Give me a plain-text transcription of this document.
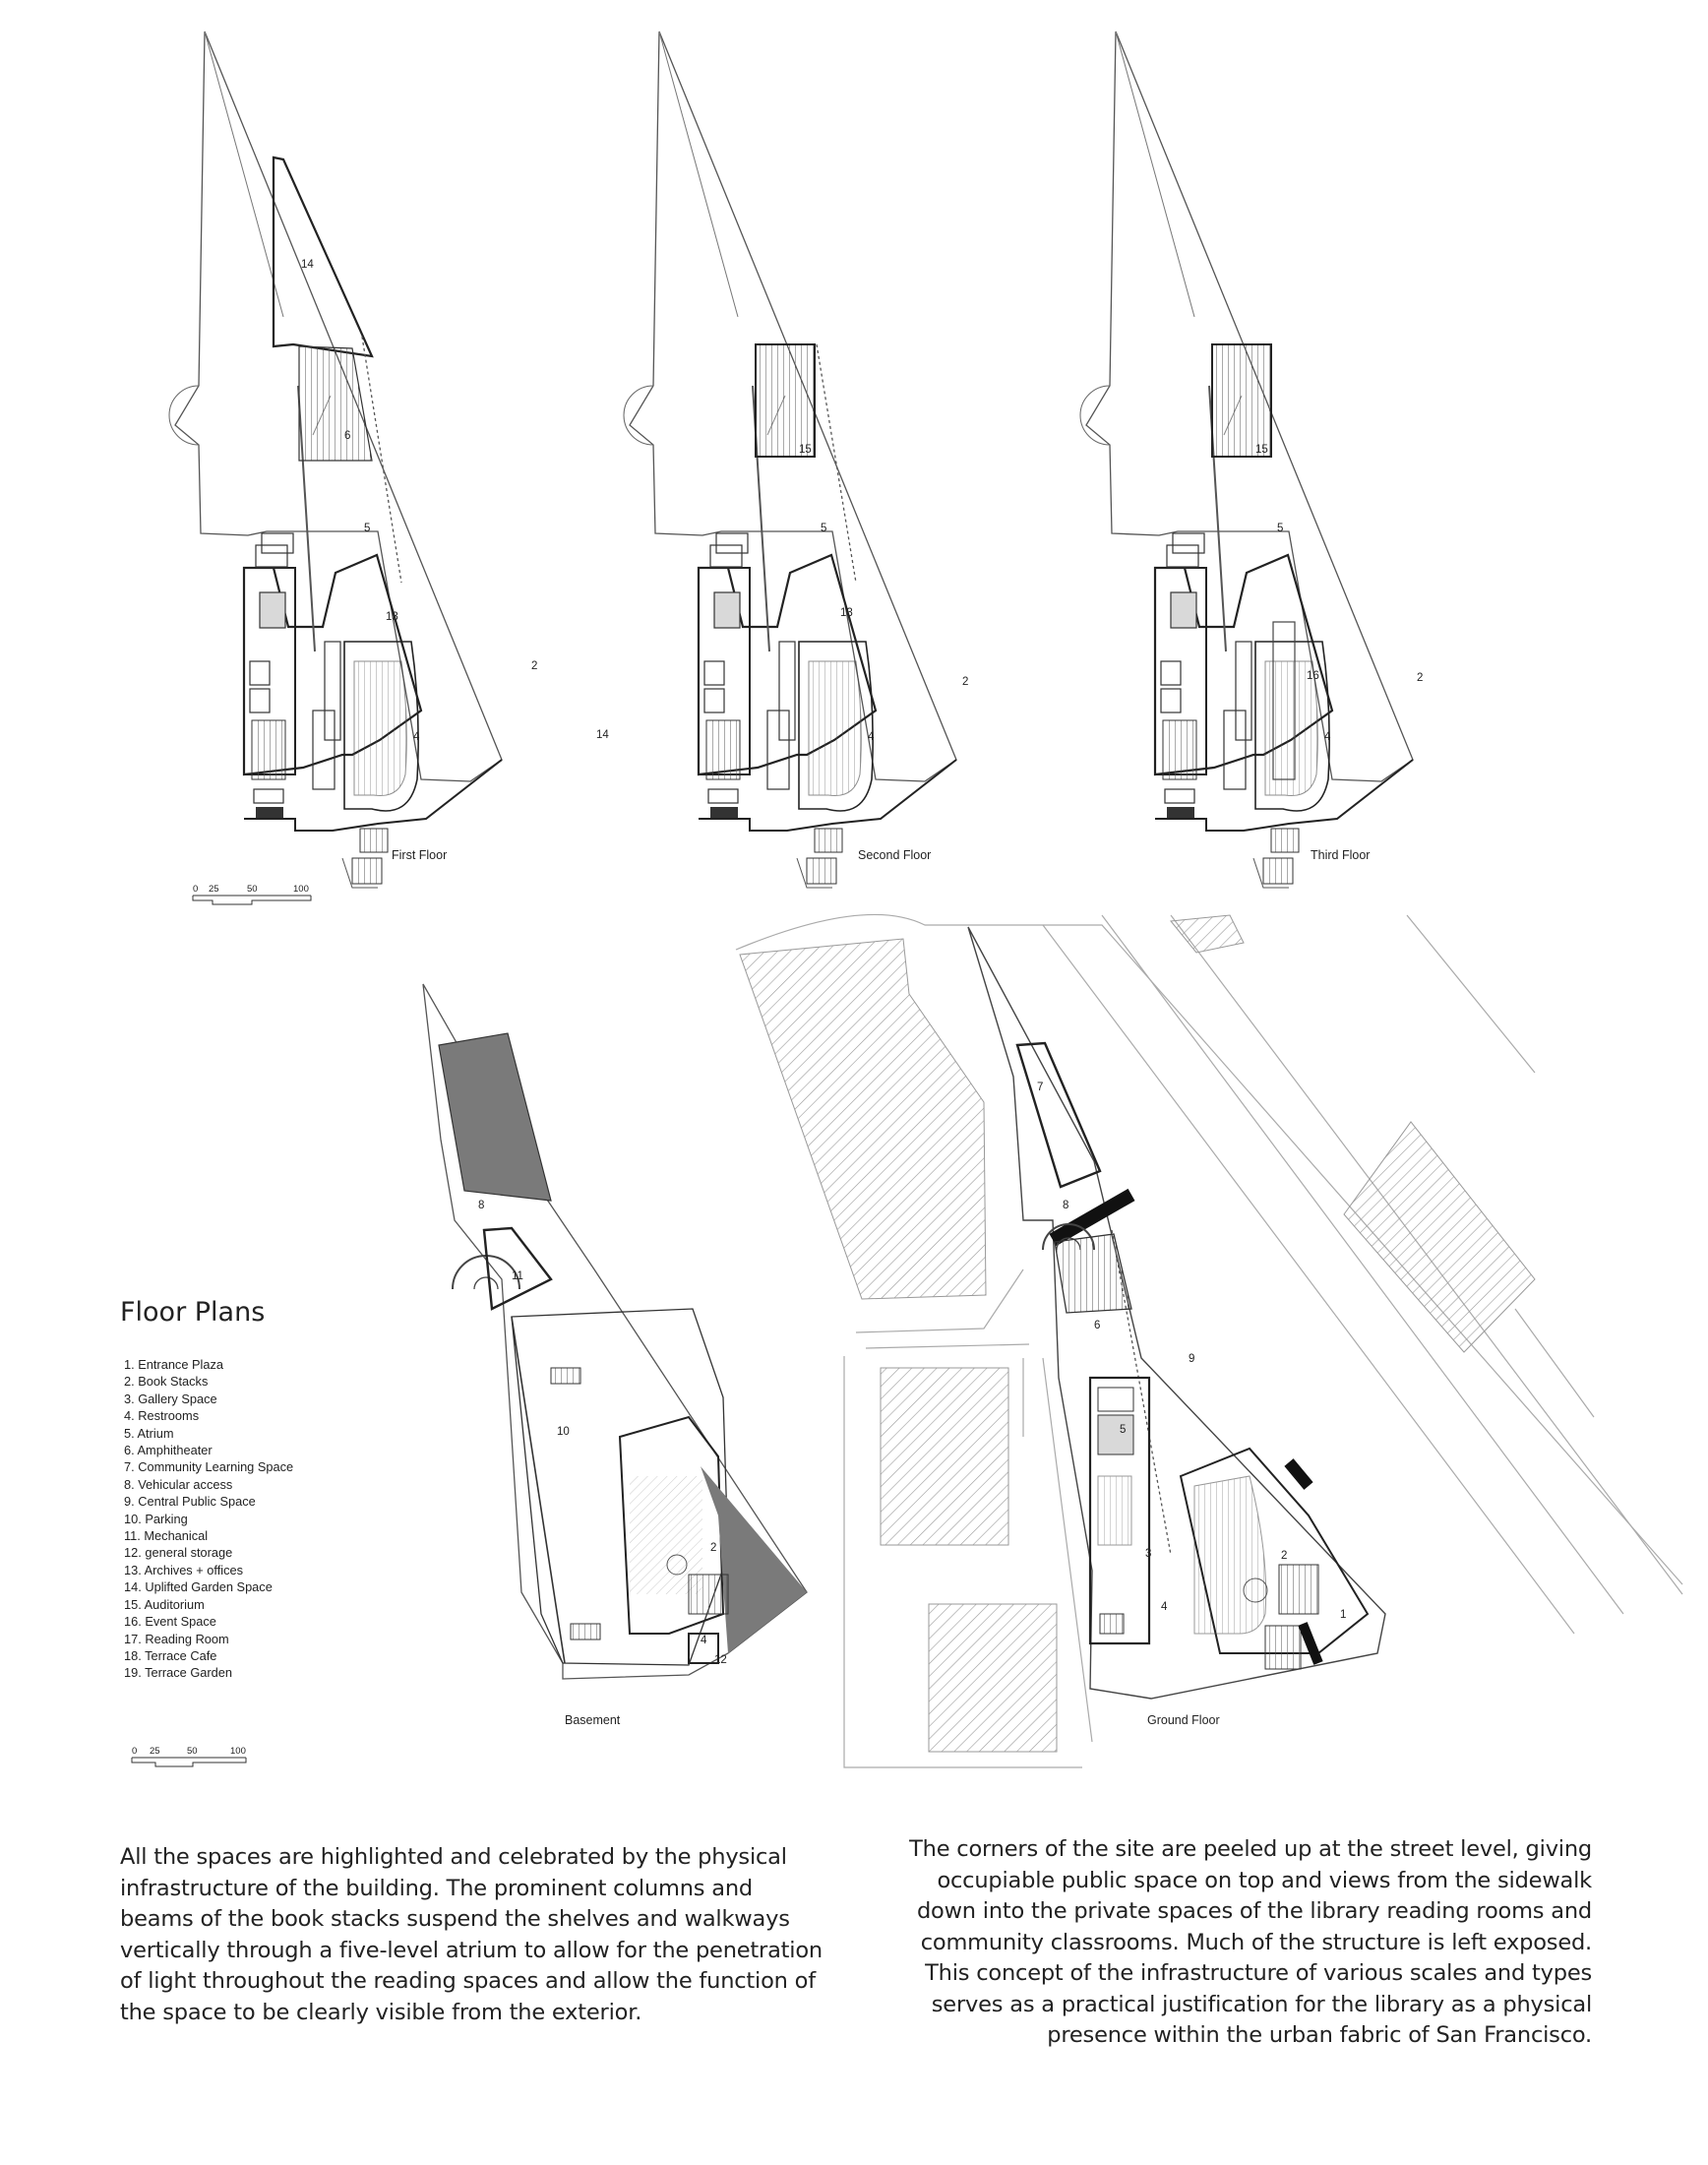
14
6
5
13
2
4	14
15
5
13
2
4
15
5
16	2
4
First Floor	Second Floor	Third Floor
0 25	50	100
8
11
10
2
4
12
Basement
7
8
6
9
5
3	2
4
1
Ground Floor
0 25	50	100
Floor Plans
1. Entrance Plaza
2. Book Stacks
3. Gallery Space
4. Restrooms
5. Atrium
6. Amphitheater
7. Community Learning Space
8. Vehicular access
9. Central Public Space
10. Parking
11. Mechanical
12. general storage
13. Archives + offices
14. Uplifted Garden Space
15. Auditorium
16. Event Space
17. Reading Room
18. Terrace Cafe
19. Terrace Garden

All the spaces are highlighted and celebrated by the physical infrastructure of the building. The prominent columns and beams of the book stacks suspend the shelves and walkways vertically through a five-level atrium to allow for the penetration of light throughout the reading spaces and allow the function of the space to be clearly visible from the exterior.

The corners of the site are peeled up at the street level, giving occupiable public space on top and views from the sidewalk down into the private spaces of the library reading rooms and community classrooms. Much of the structure is left exposed. This concept of the infrastructure of various scales and types serves as a practical justification for the library as a physical presence within the urban fabric of San Francisco.
